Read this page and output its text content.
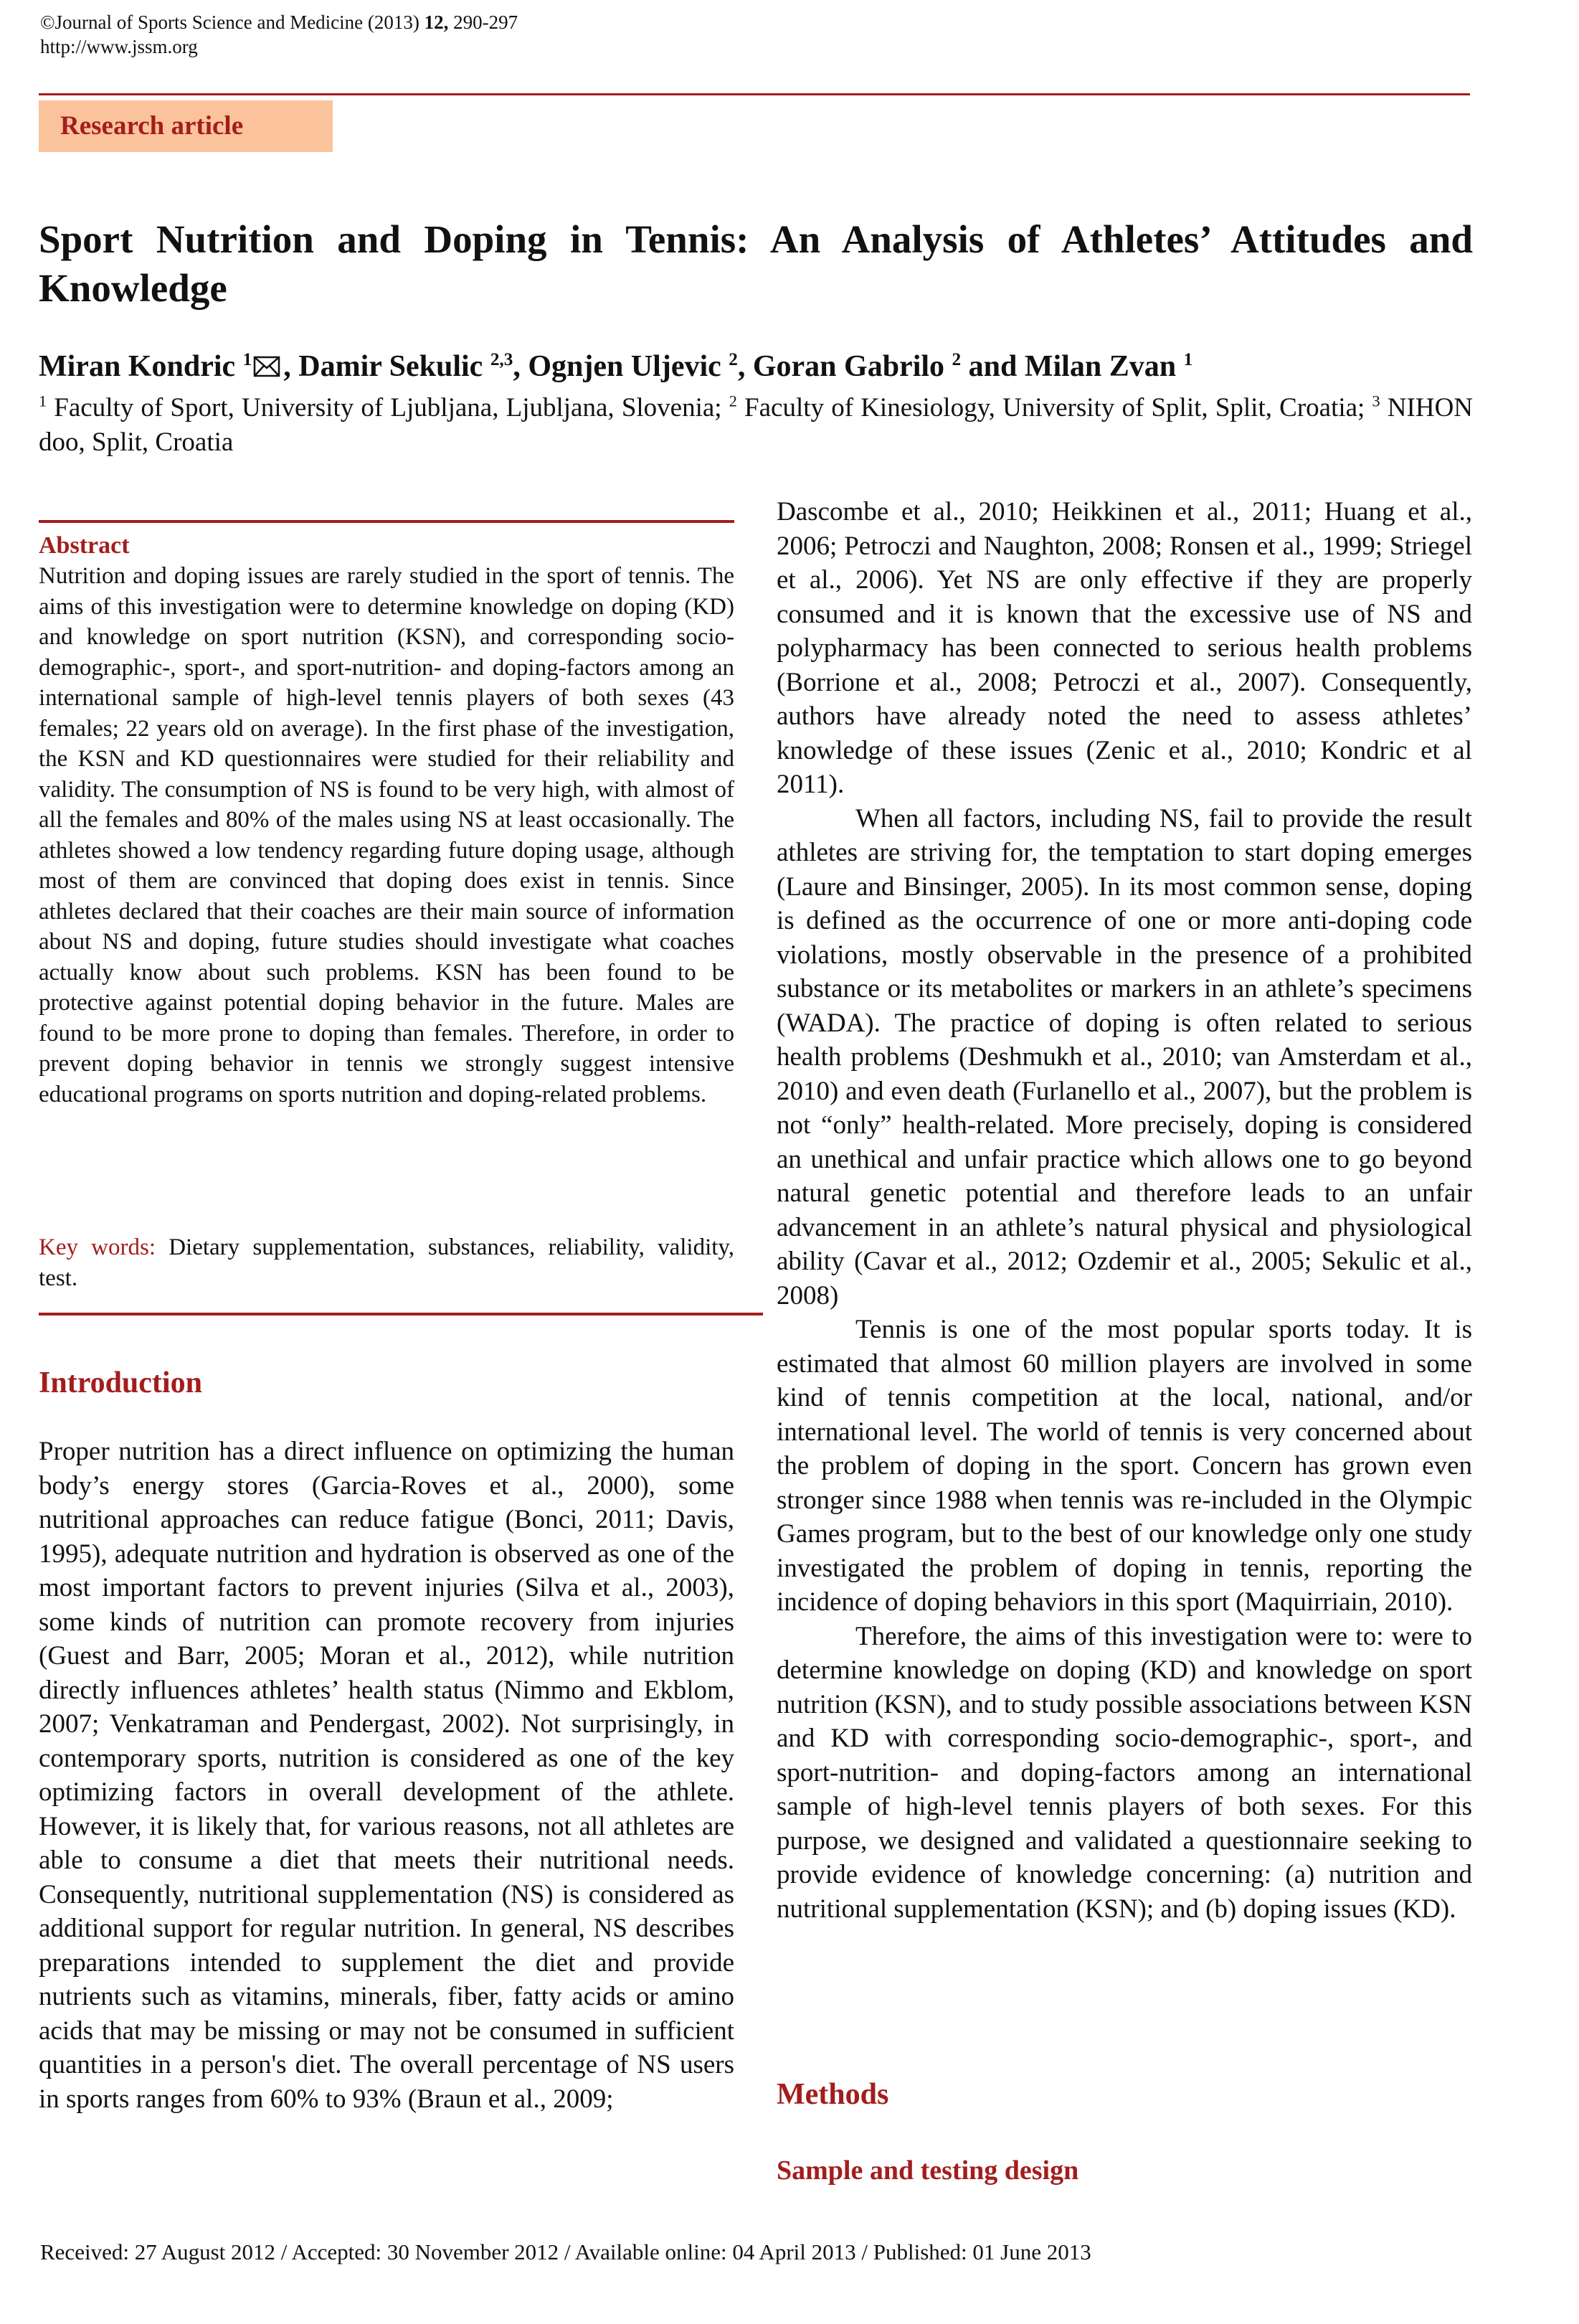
©Journal of Sports Science and Medicine (2013) 12, 290-297
http://www.jssm.org
Research article
Sport Nutrition and Doping in Tennis: An Analysis of Athletes’ Attitudes and Knowledge
Miran Kondric $^1$ , Damir Sekulic $^{2,3}$, Ognjen Uljevic $^2$, Goran Gabrilo $^2$ and Milan Zvan $^1$
$^1$ Faculty of Sport, University of Ljubljana, Ljubljana, Slovenia; $^2$ Faculty of Kinesiology, University of Split, Split, Croatia; $^3$ NIHON doo, Split, Croatia
Abstract
Nutrition and doping issues are rarely studied in the sport of tennis. The aims of this investigation were to determine knowledge on doping (KD) and knowledge on sport nutrition (KSN), and corresponding socio-demographic-, sport-, and sport-nutrition- and doping-factors among an international sample of high-level tennis players of both sexes (43 females; 22 years old on average). In the first phase of the investigation, the KSN and KD questionnaires were studied for their reliability and validity. The consumption of NS is found to be very high, with almost of all the females and 80% of the males using NS at least occasionally. The athletes showed a low tendency regarding future doping usage, although most of them are convinced that doping does exist in tennis. Since athletes declared that their coaches are their main source of information about NS and doping, future studies should investigate what coaches actually know about such problems. KSN has been found to be protective against potential doping behavior in the future. Males are found to be more prone to doping than females. Therefore, in order to prevent doping behavior in tennis we strongly suggest intensive educational programs on sports nutrition and doping-related problems.
Key words: Dietary supplementation, substances, reliability, validity, test.
Introduction
Proper nutrition has a direct influence on optimizing the human body’s energy stores (Garcia-Roves et al., 2000), some nutritional approaches can reduce fatigue (Bonci, 2011; Davis, 1995), adequate nutrition and hydration is observed as one of the most important factors to prevent injuries (Silva et al., 2003), some kinds of nutrition can promote recovery from injuries (Guest and Barr, 2005; Moran et al., 2012), while nutrition directly influences athletes’ health status (Nimmo and Ekblom, 2007; Venkatraman and Pendergast, 2002). Not surprisingly, in contemporary sports, nutrition is considered as one of the key optimizing factors in overall development of the athlete. However, it is likely that, for various reasons, not all athletes are able to consume a diet that meets their nutritional needs. Consequently, nutritional supplementation (NS) is considered as additional support for regular nutrition. In general, NS describes preparations intended to supplement the diet and provide nutrients such as vitamins, minerals, fiber, fatty acids or amino acids that may be missing or may not be consumed in sufficient quantities in a person's diet. The overall percentage of NS users in sports ranges from 60% to 93% (Braun et al., 2009;

Dascombe et al., 2010; Heikkinen et al., 2011; Huang et al., 2006; Petroczi and Naughton, 2008; Ronsen et al., 1999; Striegel et al., 2006). Yet NS are only effective if they are properly consumed and it is known that the excessive use of NS and polypharmacy has been connected to serious health problems (Borrione et al., 2008; Petroczi et al., 2007). Consequently, authors have already noted the need to assess athletes’ knowledge of these issues (Zenic et al., 2010; Kondric et al 2011).

When all factors, including NS, fail to provide the result athletes are striving for, the temptation to start doping emerges (Laure and Binsinger, 2005). In its most common sense, doping is defined as the occurrence of one or more anti-doping code violations, mostly observable in the presence of a prohibited substance or its metabolites or markers in an athlete’s specimens (WADA). The practice of doping is often related to serious health problems (Deshmukh et al., 2010; van Amsterdam et al., 2010) and even death (Furlanello et al., 2007), but the problem is not “only” health-related. More precisely, doping is considered an unethical and unfair practice which allows one to go beyond natural genetic potential and therefore leads to an unfair advancement in an athlete’s natural physical and physiological ability (Cavar et al., 2012; Ozdemir et al., 2005; Sekulic et al., 2008)

Tennis is one of the most popular sports today. It is estimated that almost 60 million players are involved in some kind of tennis competition at the local, national, and/or international level. The world of tennis is very concerned about the problem of doping in the sport. Concern has grown even stronger since 1988 when tennis was re-included in the Olympic Games program, but to the best of our knowledge only one study investigated the problem of doping in tennis, reporting the incidence of doping behaviors in this sport (Maquirriain, 2010).

Therefore, the aims of this investigation were to: were to determine knowledge on doping (KD) and knowledge on sport nutrition (KSN), and to study possible associations between KSN and KD with corresponding socio-demographic-, sport-, and sport-nutrition- and doping-factors among an international sample of high-level tennis players of both sexes. For this purpose, we designed and validated a questionnaire seeking to provide evidence of knowledge concerning: (a) nutrition and nutritional supplementation (KSN); and (b) doping issues (KD).

Methods
Sample and testing design
Received: 27 August 2012 / Accepted: 30 November 2012 / Available online: 04 April 2013 / Published: 01 June 2013
